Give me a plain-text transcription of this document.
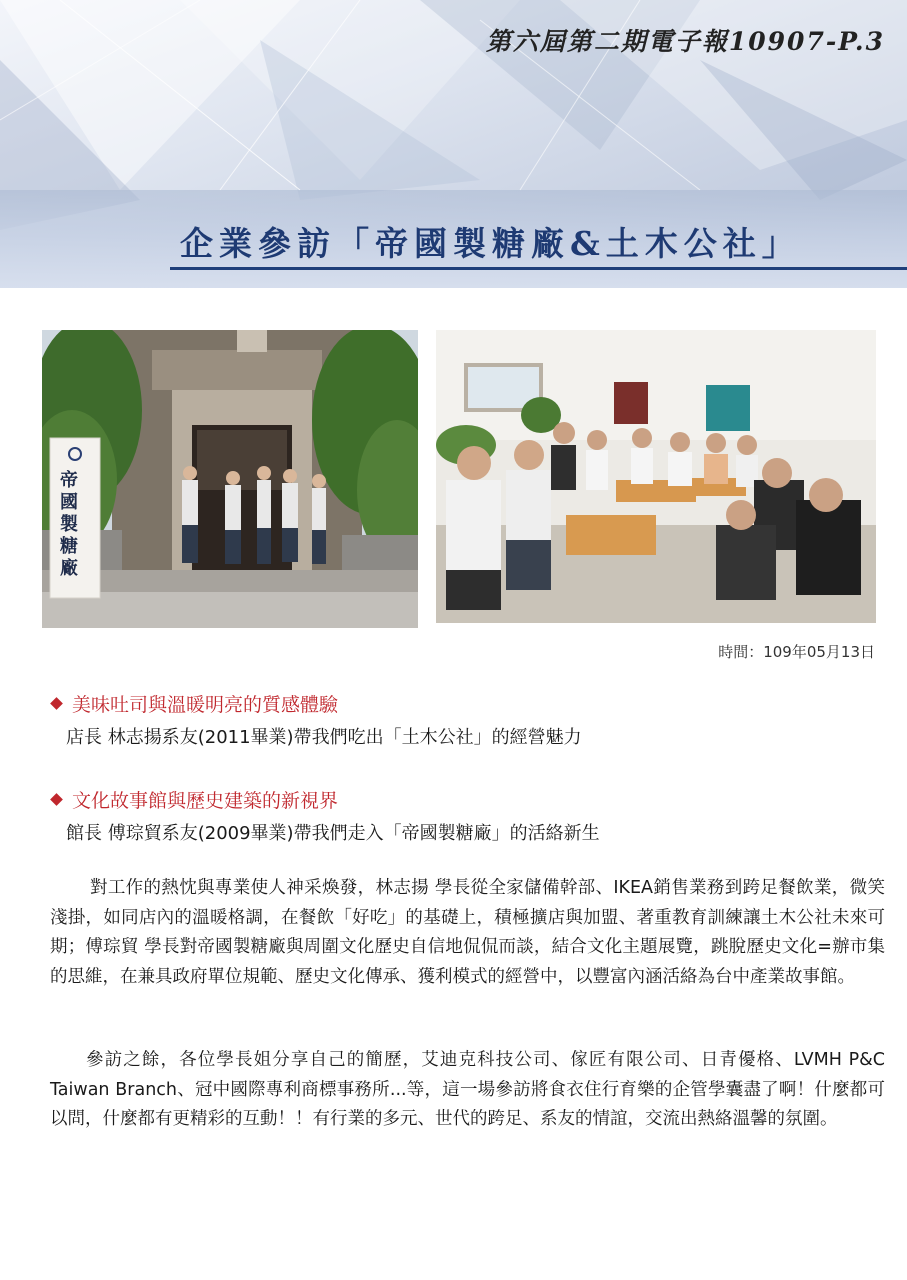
第六屆第二期電子報10907-P.3
企業參訪「帝國製糖廠&土木公社」
帝國製糖廠
時間：109年05月13日
美味吐司與溫暖明亮的質感體驗
店長 林志揚系友(2011畢業)帶我們吃出「土木公社」的經營魅力
文化故事館與歷史建築的新視界
館長 傅琮貿系友(2009畢業)帶我們走入「帝國製糖廠」的活絡新生

對工作的熱忱與專業使人神采煥發，林志揚 學長從全家儲備幹部、IKEA銷售業務到跨足餐飲業，微笑淺掛，如同店內的溫暖格調，在餐飲「好吃」的基礎上，積極擴店與加盟、著重教育訓練讓土木公社未來可期；傅琮貿 學長對帝國製糖廠與周圍文化歷史自信地侃侃而談，結合文化主題展覽，跳脫歷史文化=辦市集的思維，在兼具政府單位規範、歷史文化傳承、獲利模式的經營中，以豐富內涵活絡為台中產業故事館。

參訪之餘，各位學長姐分享自己的簡歷，艾迪克科技公司、傢匠有限公司、日青優格、LVMH P&C Taiwan Branch、冠中國際專利商標事務所...等，這一場參訪將食衣住行育樂的企管學囊盡了啊！什麼都可以問，什麼都有更精彩的互動！！有行業的多元、世代的跨足、系友的情誼，交流出熱絡溫馨的氛圍。
